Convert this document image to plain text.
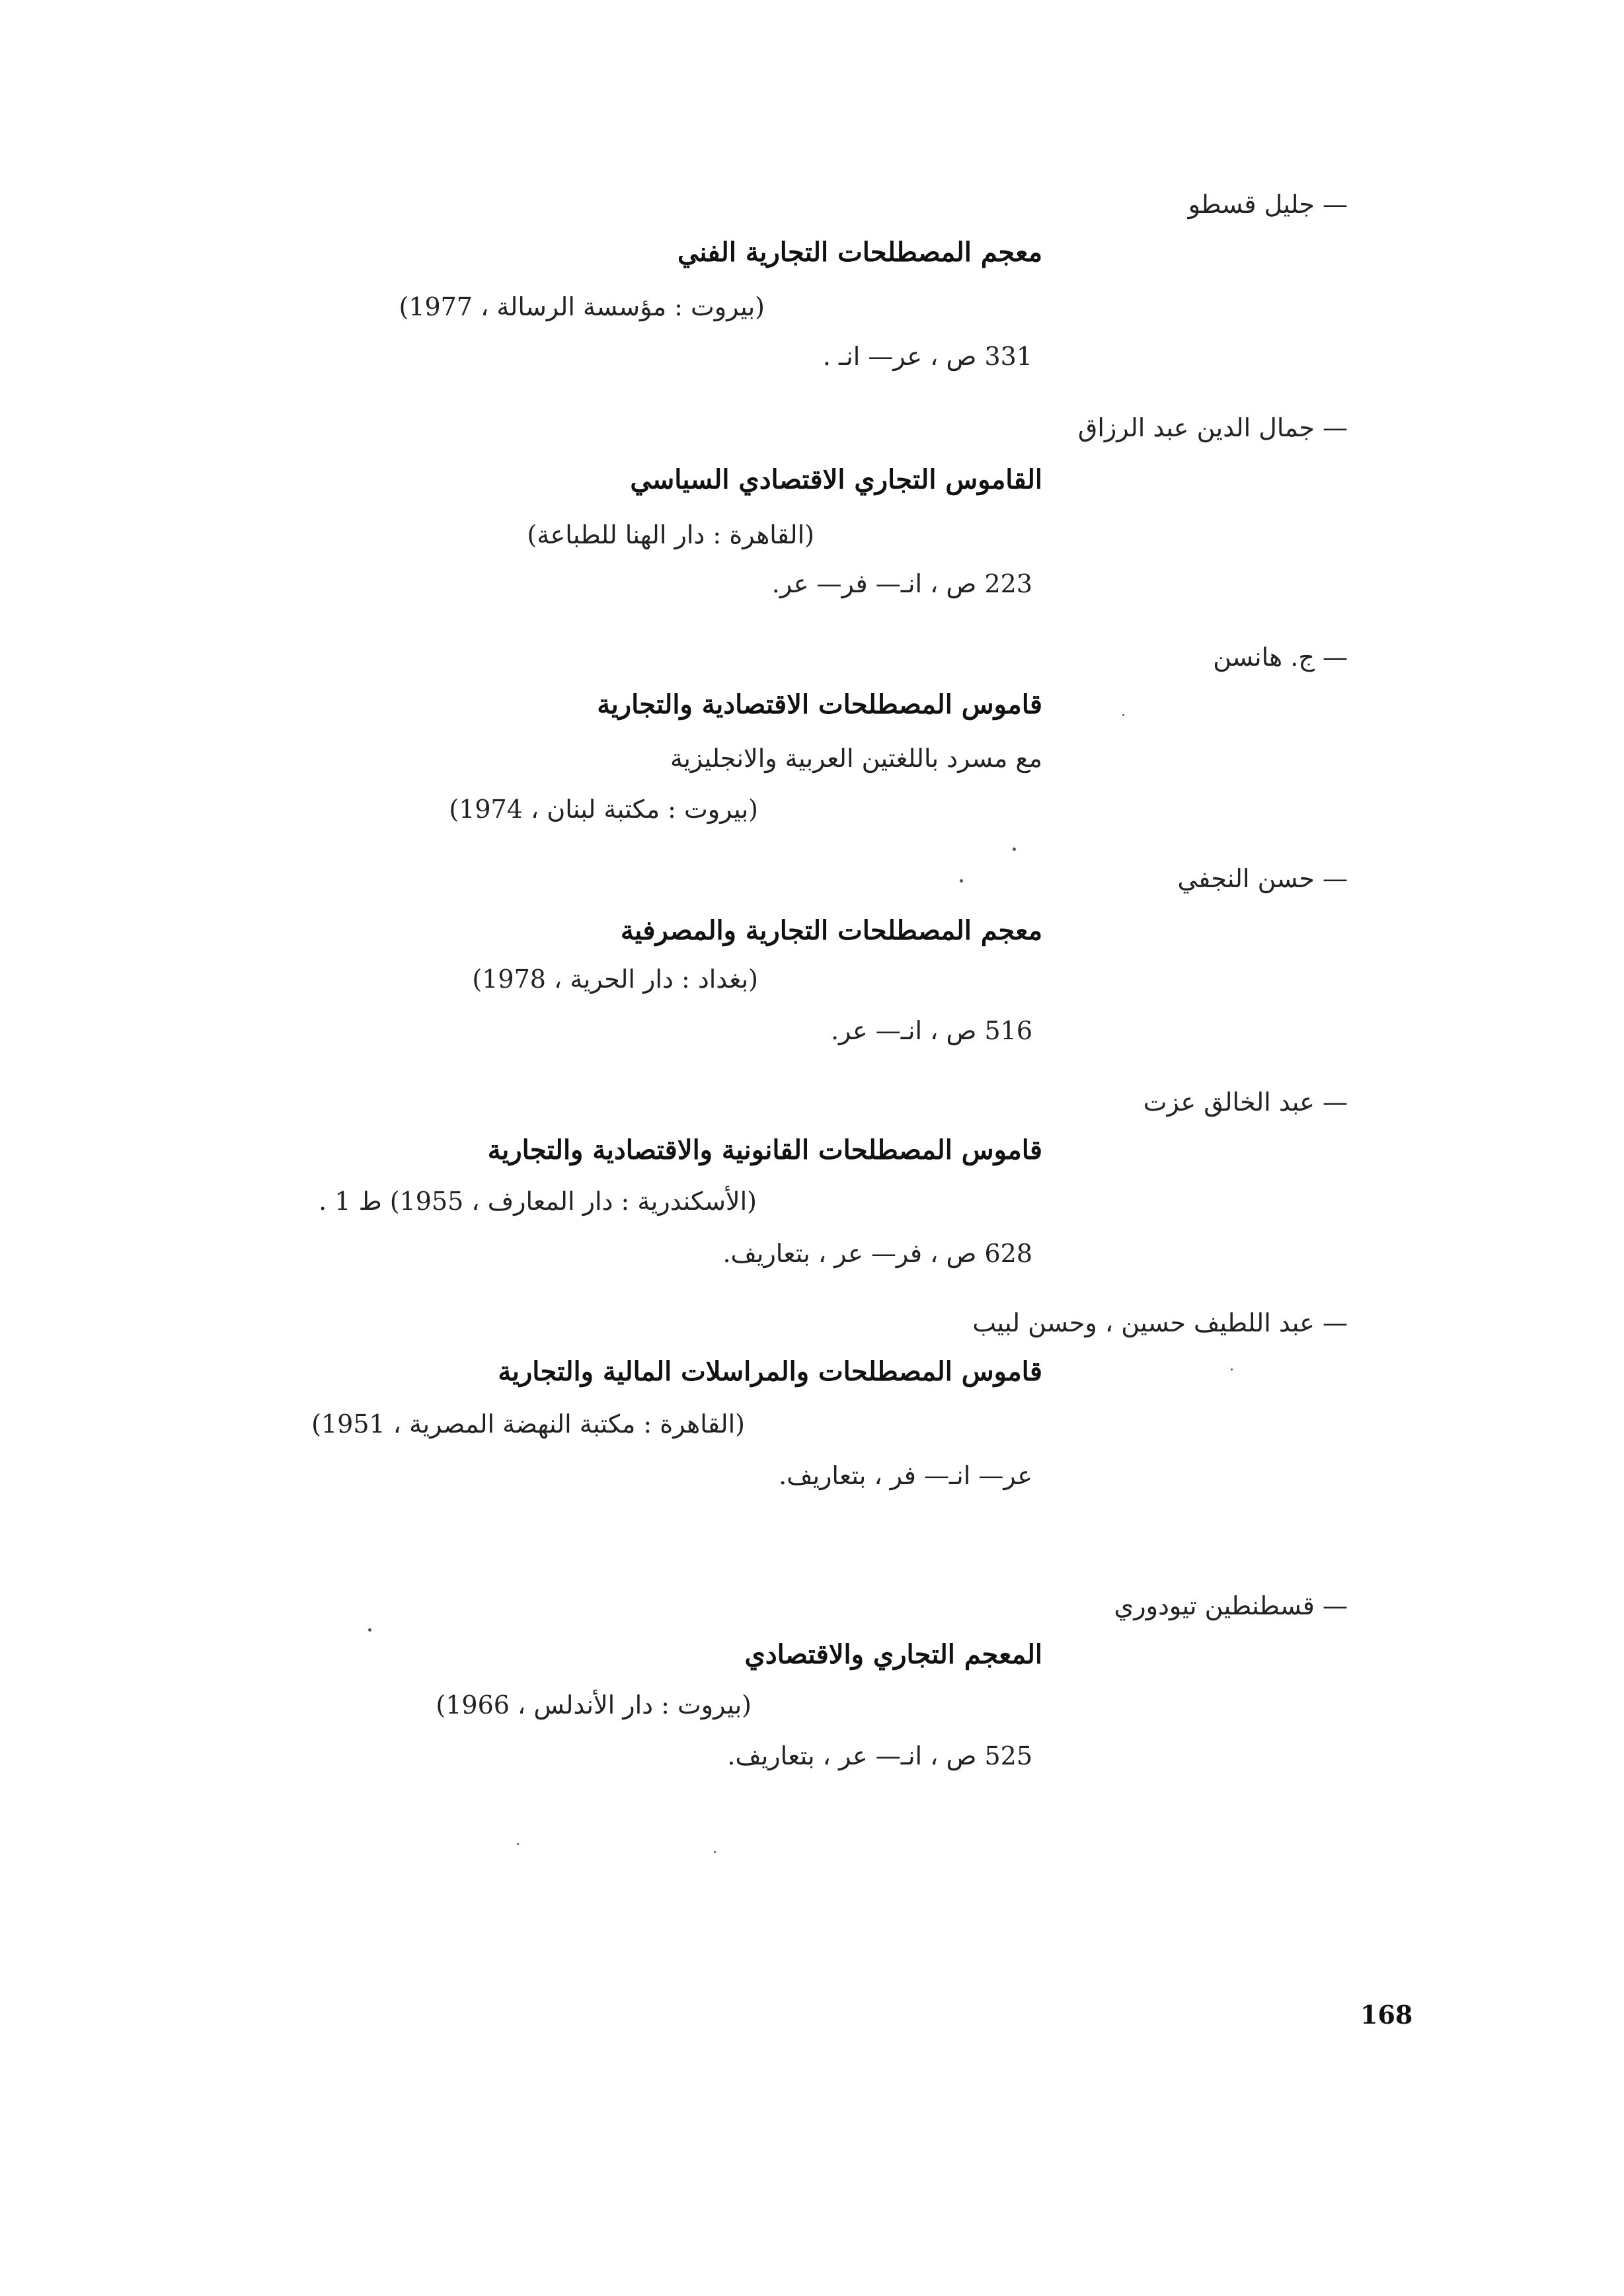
— جليل قسطو
معجم المصطلحات التجارية الفني
(بيروت : مؤسسة الرسالة ، 1977)
331 ص ، عر— انـ .
— جمال الدين عبد الرزاق
القاموس التجاري الاقتصادي السياسي
(القاهرة : دار الهنا للطباعة)
223 ص ، انـ— فر— عر.
— ج. هانسن
قاموس المصطلحات الاقتصادية والتجارية
مع مسرد باللغتين العربية والانجليزية
(بيروت : مكتبة لبنان ، 1974)
— حسن النجفي
معجم المصطلحات التجارية والمصرفية
(بغداد : دار الحرية ، 1978)
516 ص ، انـ— عر.
— عبد الخالق عزت
قاموس المصطلحات القانونية والاقتصادية والتجارية
(الأسكندرية : دار المعارف ، 1955) ط 1 .
628 ص ، فر— عر ، بتعاريف.
— عبد اللطيف حسين ، وحسن لبيب
قاموس المصطلحات والمراسلات المالية والتجارية
(القاهرة : مكتبة النهضة المصرية ، 1951)
عر— انـ— فر ، بتعاريف.
— قسطنطين تيودوري
المعجم التجاري والاقتصادي
(بيروت : دار الأندلس ، 1966)
525 ص ، انـ— عر ، بتعاريف.
168
